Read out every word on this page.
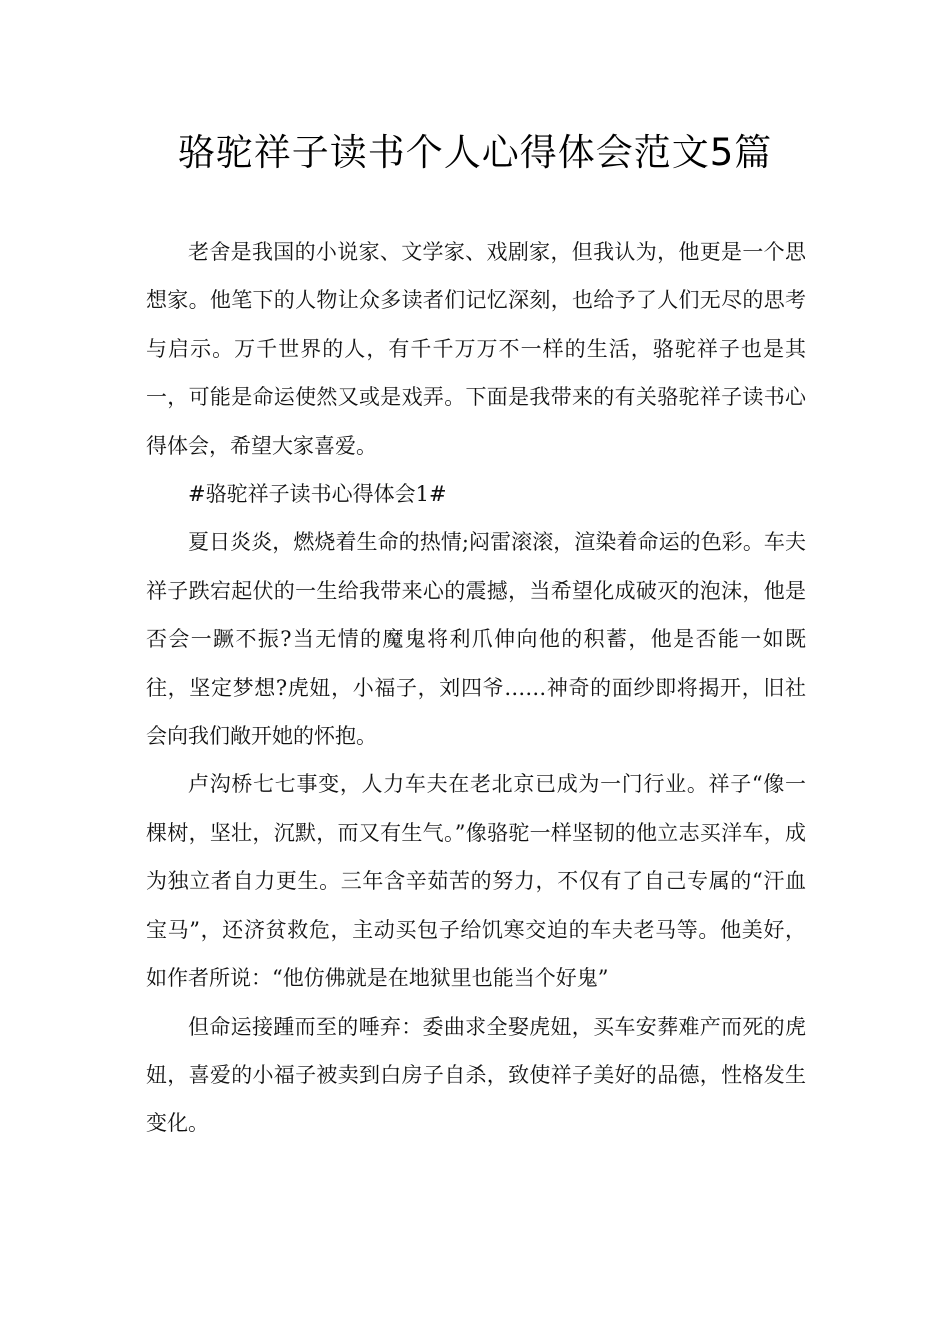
骆驼祥子读书个人心得体会范文5篇

老舍是我国的小说家、文学家、戏剧家，但我认为，他更是一个思想家。他笔下的人物让众多读者们记忆深刻，也给予了人们无尽的思考与启示。万千世界的人，有千千万万不一样的生活，骆驼祥子也是其一，可能是命运使然又或是戏弄。下面是我带来的有关骆驼祥子读书心得体会，希望大家喜爱。

#骆驼祥子读书心得体会1#

夏日炎炎，燃烧着生命的热情;闷雷滚滚，渲染着命运的色彩。车夫祥子跌宕起伏的一生给我带来心的震撼，当希望化成破灭的泡沫，他是否会一蹶不振?当无情的魔鬼将利爪伸向他的积蓄，他是否能一如既往，坚定梦想?虎妞，小福子，刘四爷……神奇的面纱即将揭开，旧社会向我们敞开她的怀抱。

卢沟桥七七事变，人力车夫在老北京已成为一门行业。祥子“像一棵树，坚壮，沉默，而又有生气。”像骆驼一样坚韧的他立志买洋车，成为独立者自力更生。三年含辛茹苦的努力，不仅有了自己专属的“汗血宝马”，还济贫救危，主动买包子给饥寒交迫的车夫老马等。他美好，如作者所说：“他仿佛就是在地狱里也能当个好鬼”

但命运接踵而至的唾弃：委曲求全娶虎妞，买车安葬难产而死的虎妞，喜爱的小福子被卖到白房子自杀，致使祥子美好的品德，性格发生变化。
